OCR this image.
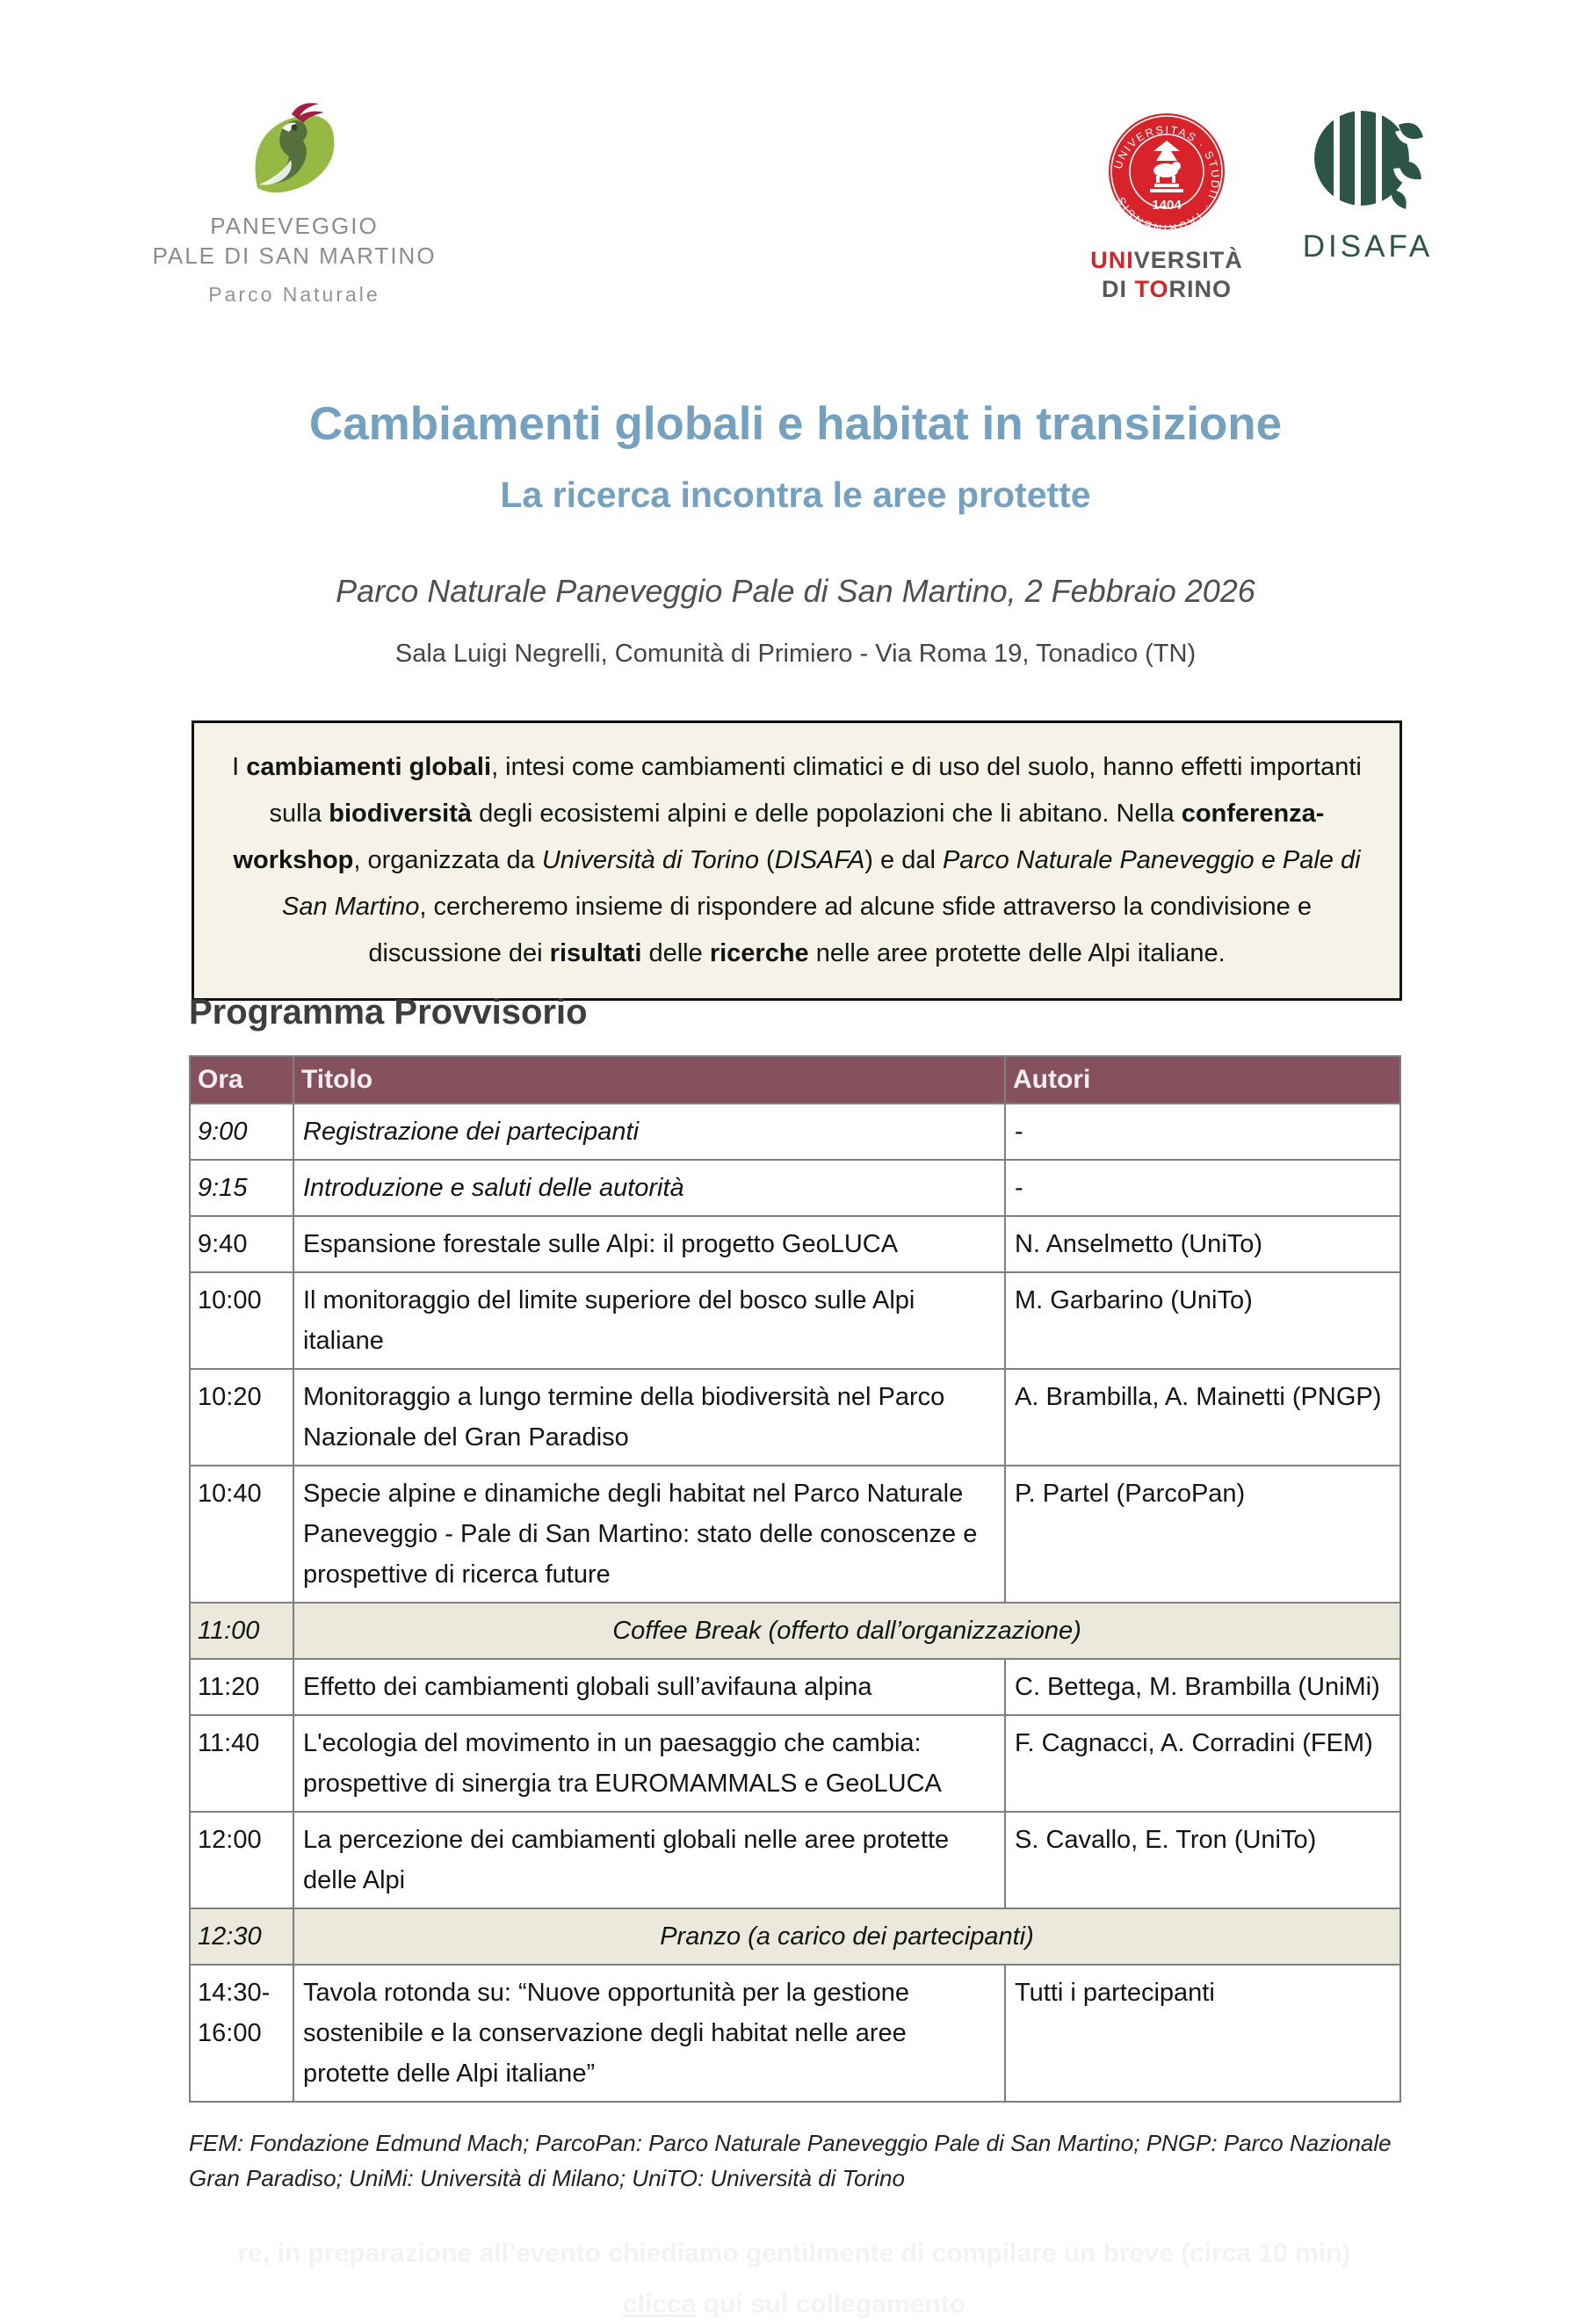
PANEVEGGIO
PALE DI SAN MARTINO
Parco Naturale
UNIVERSITAS · STUDII · TAURINENSIS	1404
UNIVERSITÀ
DI TORINO
DISAFA
Cambiamenti globali e habitat in transizione
La ricerca incontra le aree protette
Parco Naturale Paneveggio Pale di San Martino, 2 Febbraio 2026
Sala Luigi Negrelli, Comunità di Primiero - Via Roma 19, Tonadico (TN)
I cambiamenti globali, intesi come cambiamenti climatici e di uso del suolo, hanno effetti importanti sulla biodiversità degli ecosistemi alpini e delle popolazioni che li abitano. Nella conferenza-workshop, organizzata da Università di Torino (DISAFA) e dal Parco Naturale Paneveggio e Pale di San Martino, cercheremo insieme di rispondere ad alcune sfide attraverso la condivisione e discussione dei risultati delle ricerche nelle aree protette delle Alpi italiane.
Programma Provvisorio
Ora	Titolo	Autori
9:00	Registrazione dei partecipanti	-
9:15	Introduzione e saluti delle autorità	-
9:40	Espansione forestale sulle Alpi: il progetto GeoLUCA	N. Anselmetto (UniTo)
10:00	Il monitoraggio del limite superiore del bosco sulle Alpi italiane	M. Garbarino (UniTo)
10:20	Monitoraggio a lungo termine della biodiversità nel Parco Nazionale del Gran Paradiso	A. Brambilla, A. Mainetti (PNGP)
10:40	Specie alpine e dinamiche degli habitat nel Parco Naturale Paneveggio - Pale di San Martino: stato delle conoscenze e prospettive di ricerca future	P. Partel (ParcoPan)
11:00	Coffee Break (offerto dall’organizzazione)	
11:20	Effetto dei cambiamenti globali sull’avifauna alpina	C. Bettega, M. Brambilla (UniMi)
11:40	L'ecologia del movimento in un paesaggio che cambia: prospettive di sinergia tra EUROMAMMALS e GeoLUCA	F. Cagnacci, A. Corradini (FEM)
12:00	La percezione dei cambiamenti globali nelle aree protette delle Alpi	S. Cavallo, E. Tron (UniTo)
12:30	Pranzo (a carico dei partecipanti)	
14:30-16:00	Tavola rotonda su: “Nuove opportunità per la gestione sostenibile e la conservazione degli habitat nelle aree protette delle Alpi italiane”	Tutti i partecipanti

FEM: Fondazione Edmund Mach; ParcoPan: Parco Naturale Paneveggio Pale di San Martino; PNGP: Parco Nazionale Gran Paradiso; UniMi: Università di Milano; UniTO: Università di Torino

re, in preparazione all’evento chiediamo gentilmente di compilare un breve (circa 10 min)
clicca qui sul collegamento
